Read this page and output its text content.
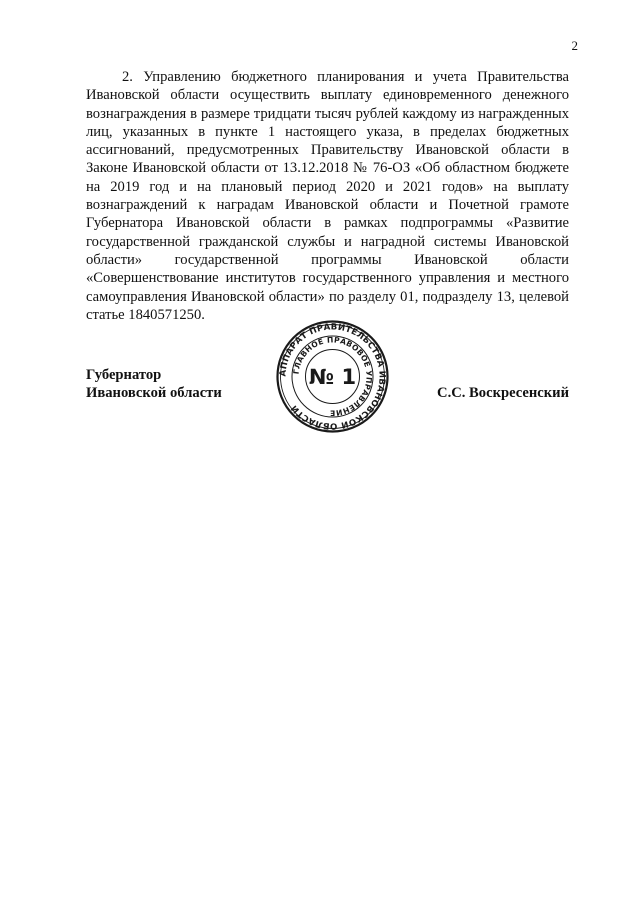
2

2. Управлению бюджетного планирования и учета Правительства Ивановской области осуществить выплату единовременного денежного вознаграждения в размере тридцати тысяч рублей каждому из награжденных лиц, указанных в пункте 1 настоящего указа, в пределах бюджетных ассигнований, предусмотренных Правительству Ивановской области в Законе Ивановской области от 13.12.2018 № 76-ОЗ «Об областном бюджете на 2019 год и на плановый период 2020 и 2021 годов» на выплату вознаграждений к наградам Ивановской области и Почетной грамоте Губернатора Ивановской области в рамках подпрограммы «Развитие государственной гражданской службы и наградной системы Ивановской области» государственной программы Ивановской области «Совершенствование институтов государственного управления и местного самоуправления Ивановской области» по разделу 01, подразделу 13, целевой статье 1840571250.

Губернатор
Ивановской области	С.С. Воскресенский
АППАРАТ ПРАВИТЕЛЬСТВА ИВАНОВСКОЙ ОБЛАСТИ
ГЛАВНОЕ ПРАВОВОЕ УПРАВЛЕНИЕ
№ 1
